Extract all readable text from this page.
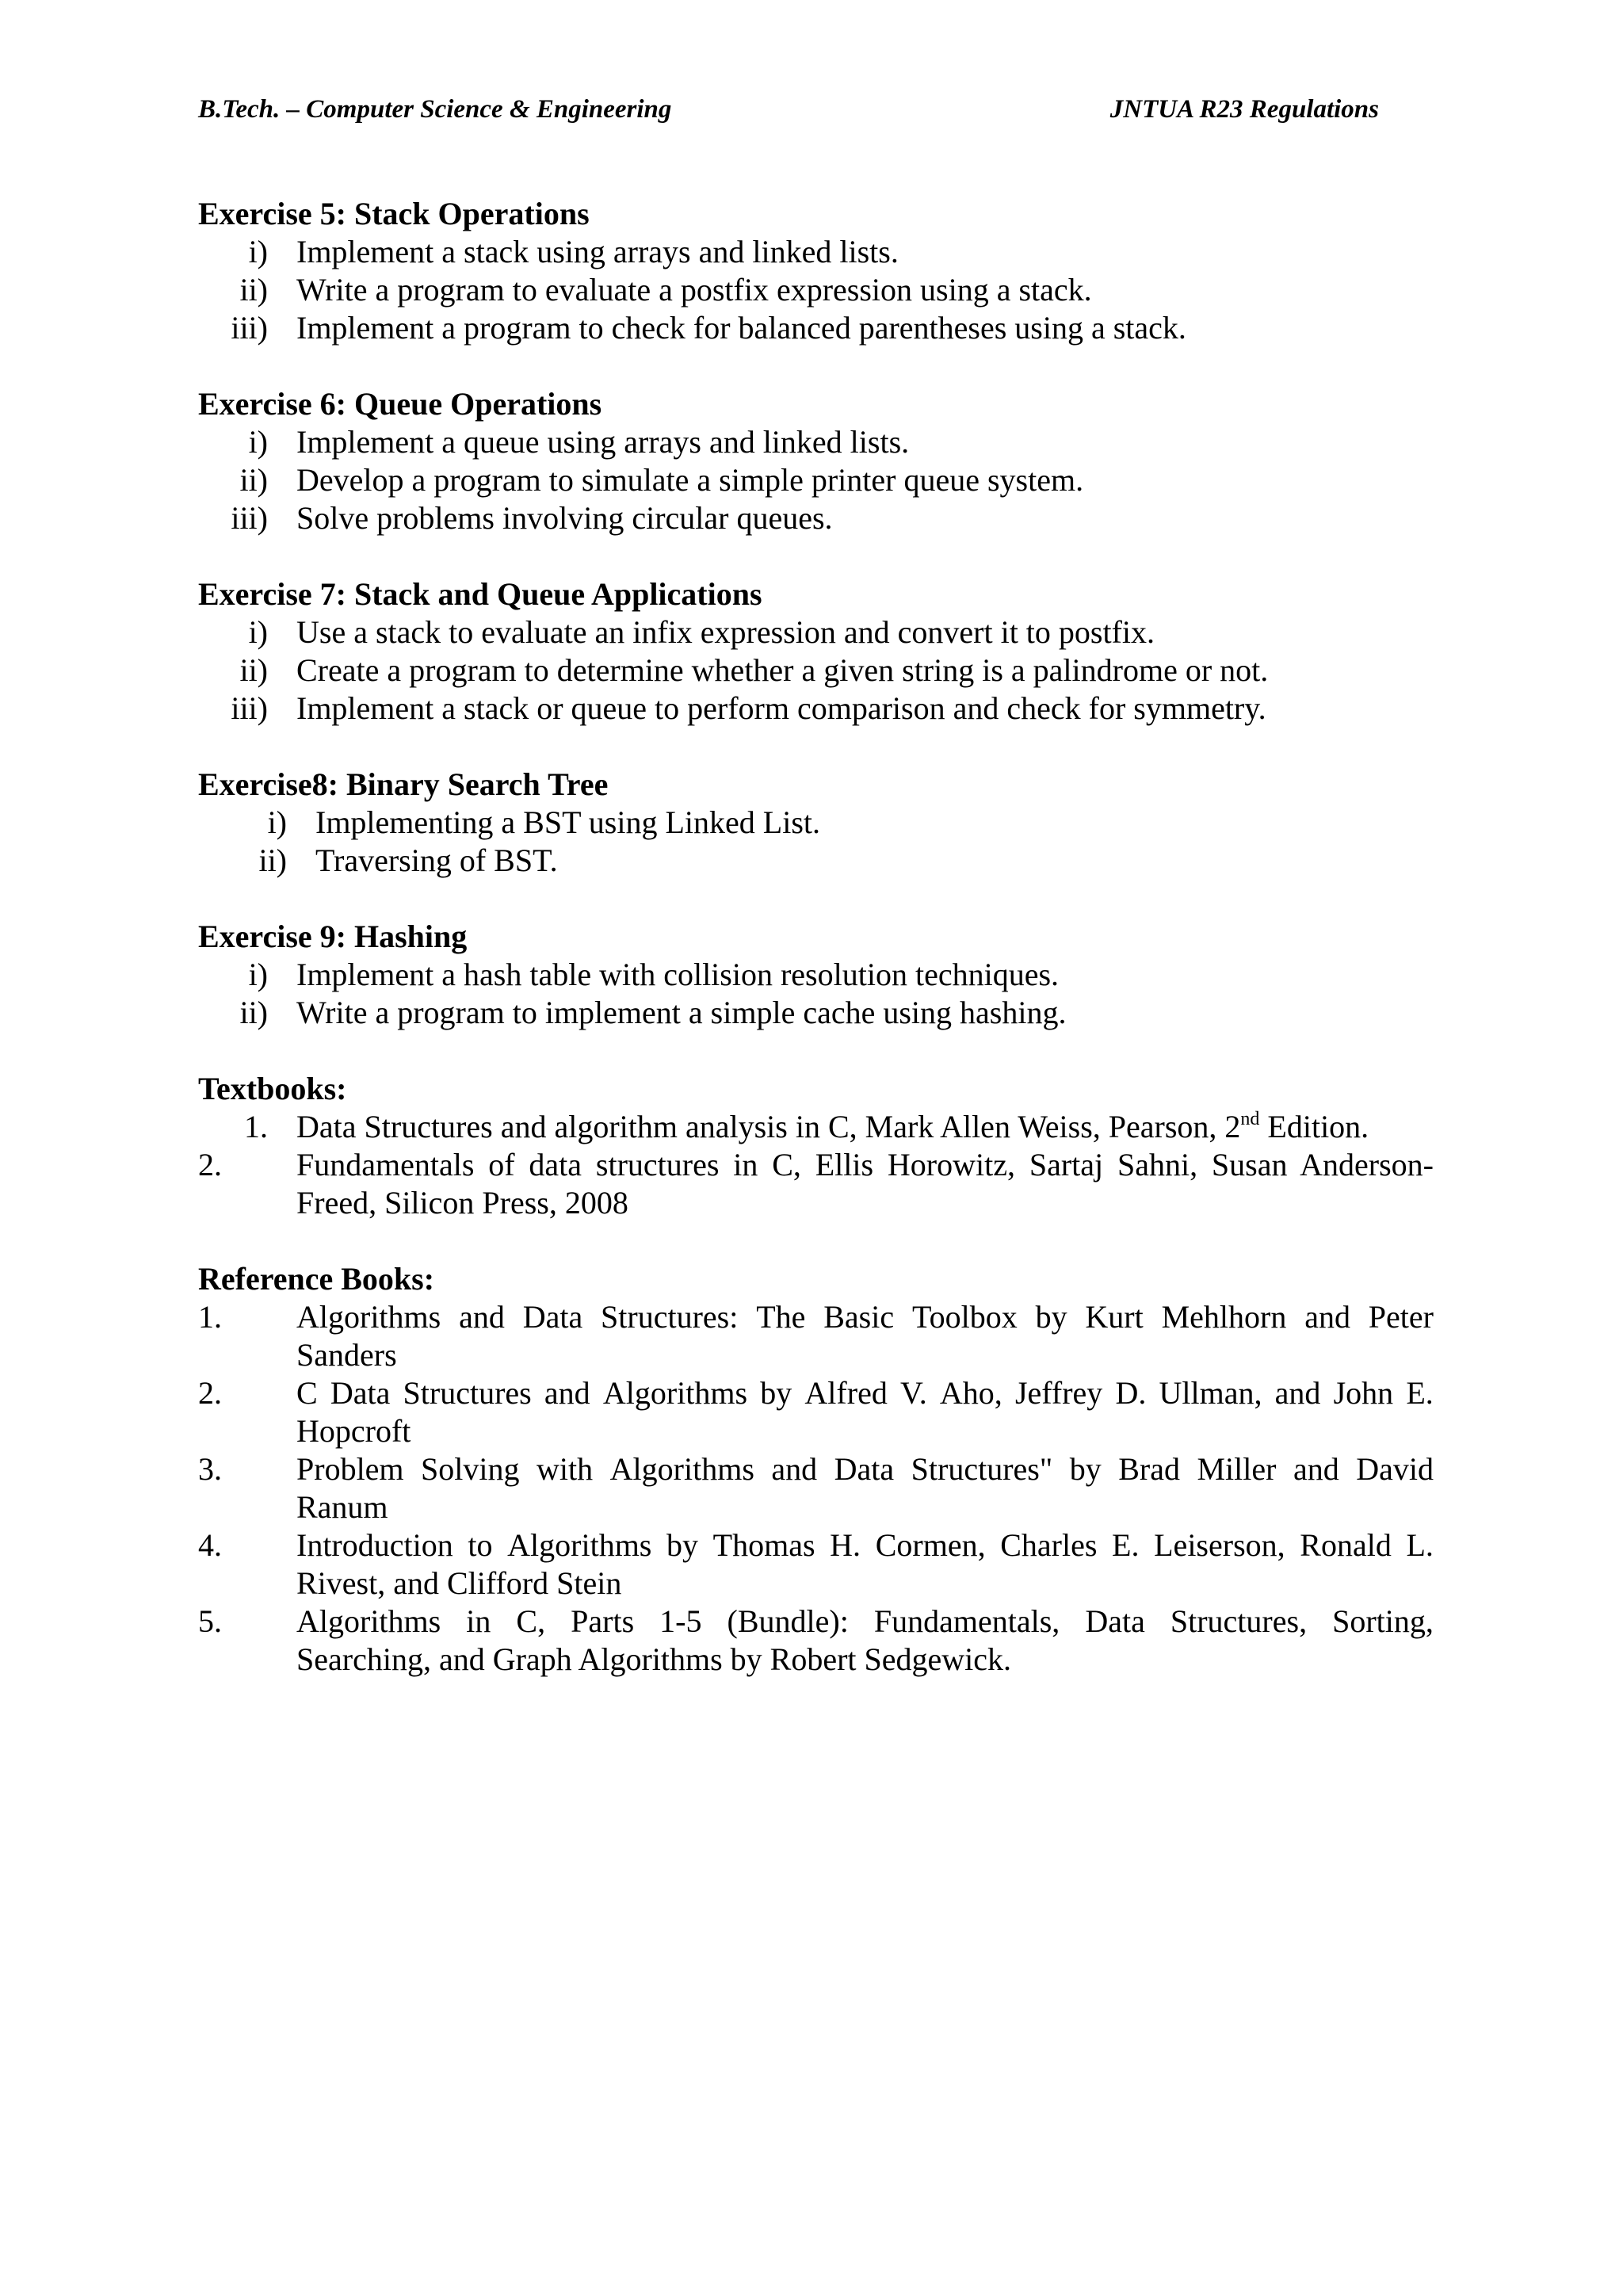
B.Tech. – Computer Science & Engineering	JNTUA R23 Regulations
Exercise 5: Stack Operations
i) Implement a stack using arrays and linked lists.
ii) Write a program to evaluate a postfix expression using a stack.
iii) Implement a program to check for balanced parentheses using a stack.
Exercise 6: Queue Operations
i) Implement a queue using arrays and linked lists.
ii) Develop a program to simulate a simple printer queue system.
iii) Solve problems involving circular queues.
Exercise 7: Stack and Queue Applications
i) Use a stack to evaluate an infix expression and convert it to postfix.
ii) Create a program to determine whether a given string is a palindrome or not.
iii) Implement a stack or queue to perform comparison and check for symmetry.
Exercise8: Binary Search Tree
i) Implementing a BST using Linked List.
ii) Traversing of BST.
Exercise 9: Hashing
i) Implement a hash table with collision resolution techniques.
ii) Write a program to implement a simple cache using hashing.
Textbooks:
1. Data Structures and algorithm analysis in C, Mark Allen Weiss, Pearson, 2nd Edition.
2.	Fundamentals of data structures in C, Ellis Horowitz, Sartaj Sahni, Susan Anderson-
Freed, Silicon Press, 2008
Reference Books:
1.	Algorithms and Data Structures: The Basic Toolbox by Kurt Mehlhorn and Peter
Sanders
2.	C Data Structures and Algorithms by Alfred V. Aho, Jeffrey D. Ullman, and John E.
Hopcroft
3.	Problem Solving with Algorithms and Data Structures" by Brad Miller and David
Ranum
4.	Introduction to Algorithms by Thomas H. Cormen, Charles E. Leiserson, Ronald L.
Rivest, and Clifford Stein
5.	Algorithms in C, Parts 1-5 (Bundle): Fundamentals, Data Structures, Sorting,
Searching, and Graph Algorithms by Robert Sedgewick.
